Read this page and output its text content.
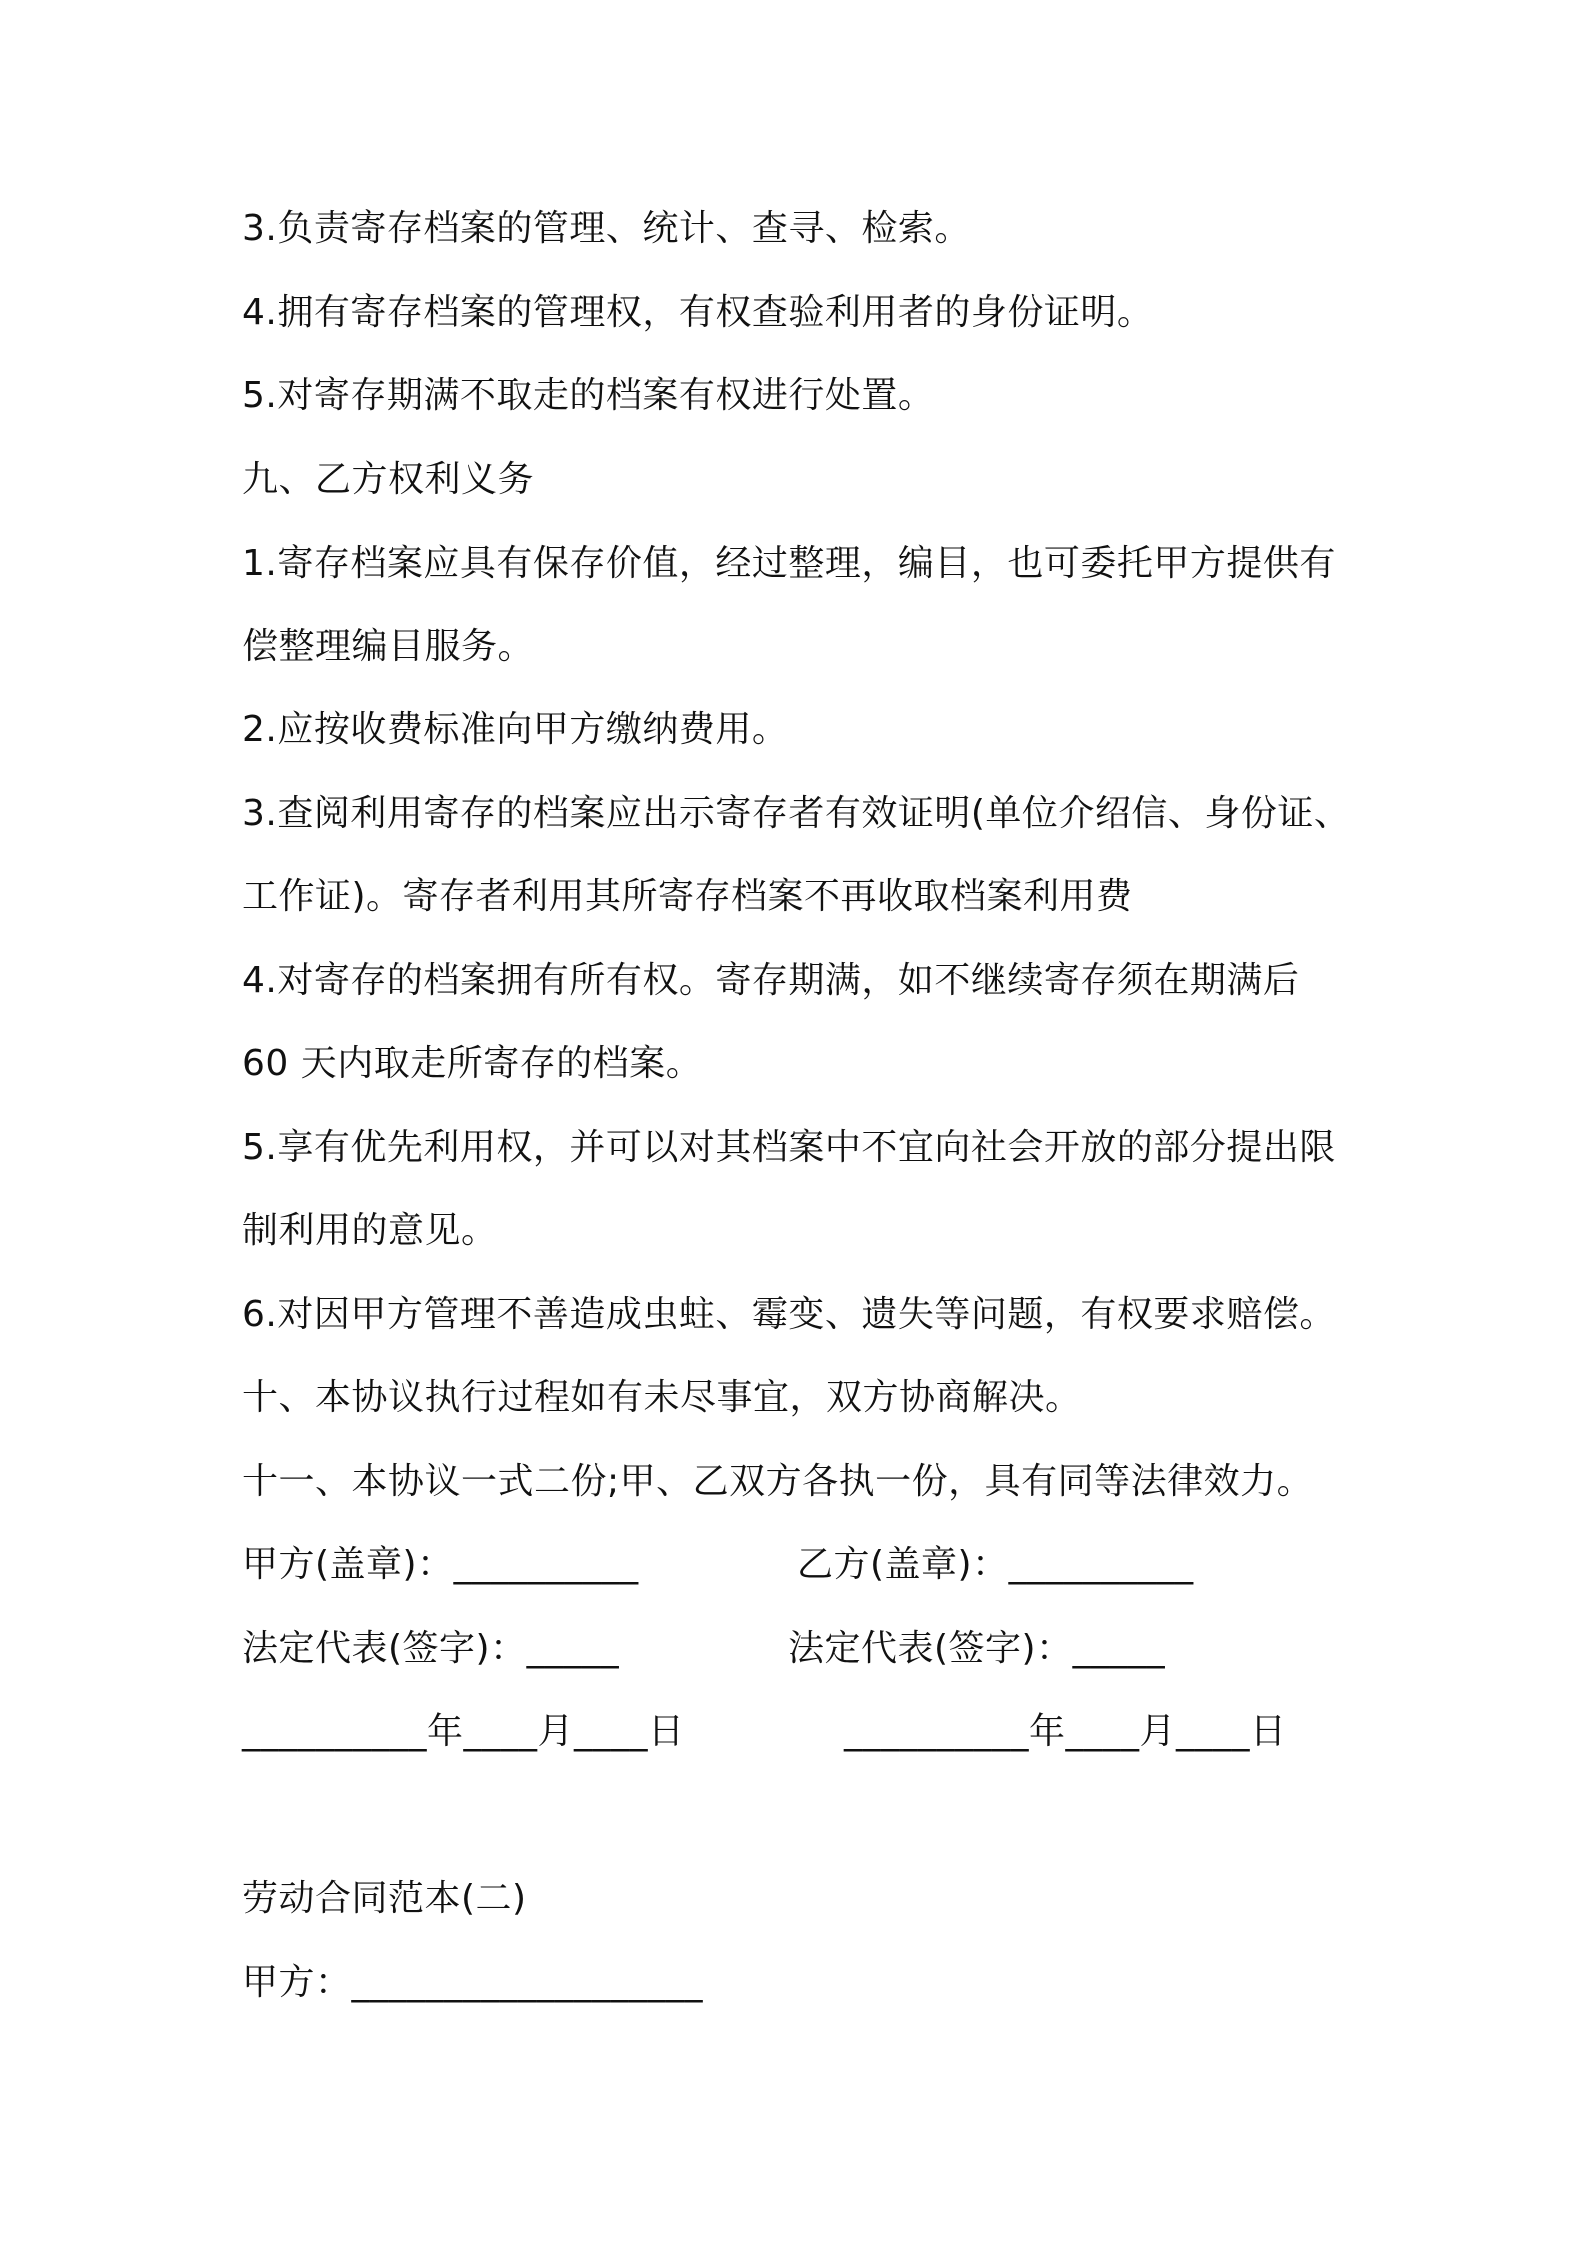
3.负责寄存档案的管理、统计、查寻、检索。
4.拥有寄存档案的管理权，有权查验利用者的身份证明。
5.对寄存期满不取走的档案有权进行处置。
九、乙方权利义务
1.寄存档案应具有保存价值，经过整理，编目，也可委托甲方提供有
偿整理编目服务。
2.应按收费标准向甲方缴纳费用。
3.查阅利用寄存的档案应出示寄存者有效证明(单位介绍信、身份证、
工作证)。寄存者利用其所寄存档案不再收取档案利用费
4.对寄存的档案拥有所有权。寄存期满，如不继续寄存须在期满后
60 天内取走所寄存的档案。
5.享有优先利用权，并可以对其档案中不宜向社会开放的部分提出限
制利用的意见。
6.对因甲方管理不善造成虫蛀、霉变、遗失等问题，有权要求赔偿。
十、本协议执行过程如有未尽事宜，双方协商解决。
十一、本协议一式二份;甲、乙双方各执一份，具有同等法律效力。
甲方(盖章)：__________	乙方(盖章)：__________
法定代表(签字)：_____	法定代表(签字)：_____
__________年____月____日	__________年____月____日
劳动合同范本(二)
甲方：___________________
